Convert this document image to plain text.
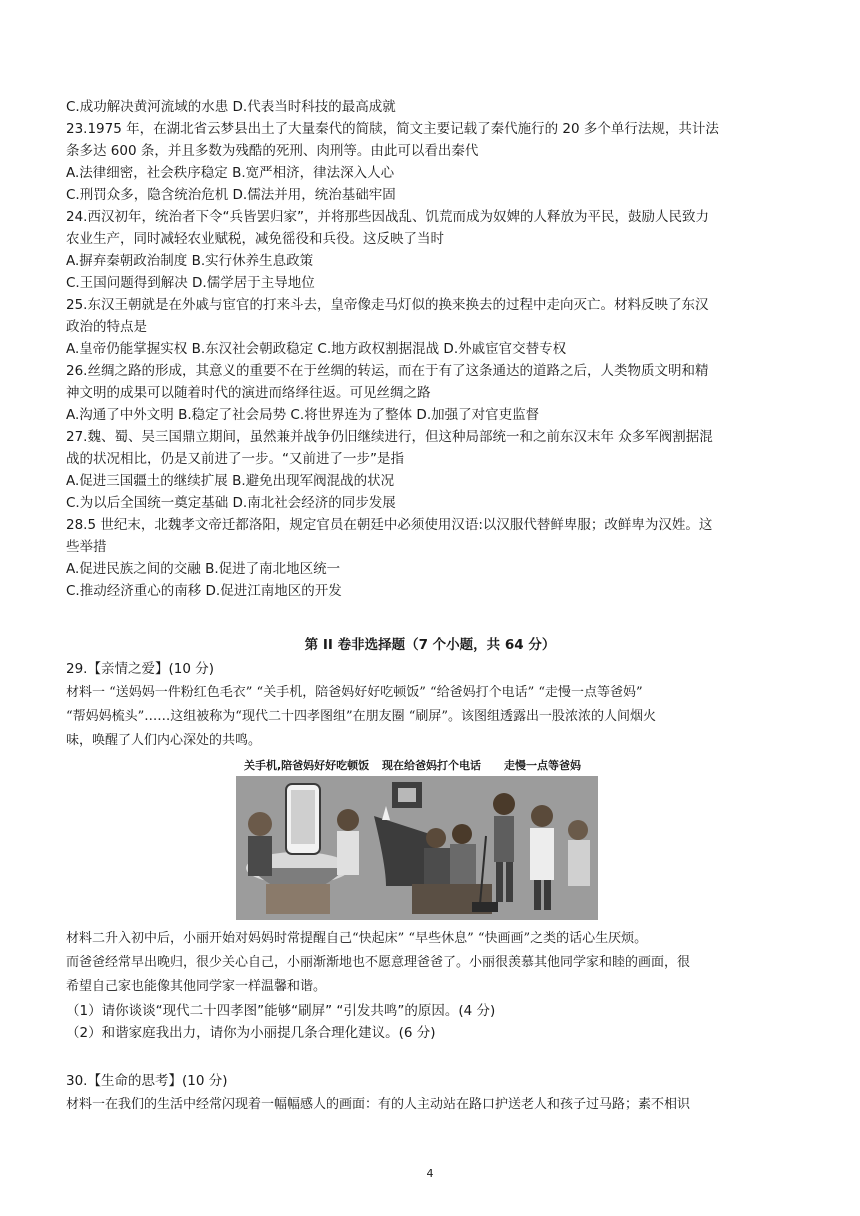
C.成功解决黄河流域的水患 D.代表当时科技的最高成就
23.1975 年，在湖北省云梦县出土了大量秦代的简牍，简文主要记载了秦代施行的 20 多个单行法规，共计法
条多达 600 条，并且多数为残酷的死刑、肉刑等。由此可以看出秦代
A.法律细密，社会秩序稳定 B.宽严相济，律法深入人心
C.刑罚众多，隐含统治危机 D.儒法并用，统治基础牢固
24.西汉初年，统治者下令“兵皆罢归家”，并将那些因战乱、饥荒而成为奴婢的人释放为平民，鼓励人民致力
农业生产，同时减轻农业赋税，减免徭役和兵役。这反映了当时
A.摒弃秦朝政治制度 B.实行休养生息政策
C.王国问题得到解决 D.儒学居于主导地位
25.东汉王朝就是在外戚与宦官的打来斗去，皇帝像走马灯似的换来换去的过程中走向灭亡。材料反映了东汉
政治的特点是
A.皇帝仍能掌握实权 B.东汉社会朝政稳定 C.地方政权割据混战 D.外戚宦官交替专权
26.丝绸之路的形成，其意义的重要不在于丝绸的转运，而在于有了这条通达的道路之后，人类物质文明和精
神文明的成果可以随着时代的演进而络绎往返。可见丝绸之路
A.沟通了中外文明 B.稳定了社会局势 C.将世界连为了整体 D.加强了对官吏监督
27.魏、蜀、吴三国鼎立期间，虽然兼并战争仍旧继续进行，但这种局部统一和之前东汉末年 众多军阀割据混
战的状况相比，仍是又前进了一步。“又前进了一步”是指
A.促进三国疆土的继续扩展 B.避免出现军阀混战的状况
C.为以后全国统一奠定基础 D.南北社会经济的同步发展
28.5 世纪末，北魏孝文帝迁都洛阳，规定官员在朝廷中必须使用汉语:以汉服代替鲜卑服；改鲜卑为汉姓。这
些举措
A.促进民族之间的交融 B.促进了南北地区统一
C.推动经济重心的南移 D.促进江南地区的开发
第 II 卷非选择题（7 个小题，共 64 分）
29.【亲情之爱】(10 分)
材料一 “送妈妈一件粉红色毛衣” “关手机，陪爸妈好好吃顿饭” “给爸妈打个电话” “走慢一点等爸妈”
“帮妈妈梳头”……这组被称为“现代二十四孝图组”在朋友圈 “刷屏”。该图组透露出一股浓浓的人间烟火
味，唤醒了人们内心深处的共鸣。
关手机,陪爸妈好好吃顿饭 现在给爸妈打个电话 走慢一点等爸妈
材料二升入初中后，小丽开始对妈妈时常提醒自己“快起床” “早些休息” “快画画”之类的话心生厌烦。
而爸爸经常早出晚归，很少关心自己，小丽渐渐地也不愿意理爸爸了。小丽很羡慕其他同学家和睦的画面，很
希望自己家也能像其他同学家一样温馨和谐。
（1）请你谈谈“现代二十四孝图”能够“刷屏” “引发共鸣”的原因。(4 分)
（2）和谐家庭我出力，请你为小丽提几条合理化建议。(6 分)
30.【生命的思考】(10 分)
材料一在我们的生活中经常闪现着一幅幅感人的画面：有的人主动站在路口护送老人和孩子过马路；素不相识
4
